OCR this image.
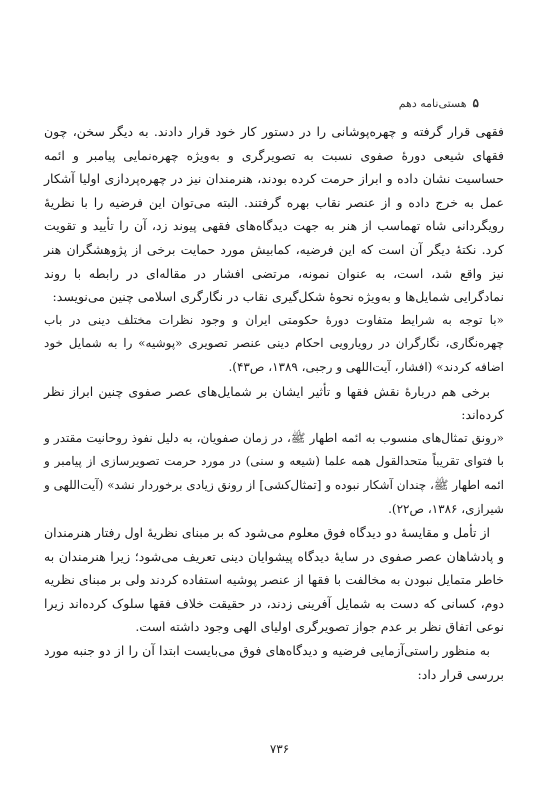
۵
هستی‌نامه دهم

فقهی قرار گرفته و چهره‌پوشانی را در دستور کار خود قرار دادند. به دیگر سخن، چون فقهای شیعی دورهٔ صفوی نسبت به تصویرگری و به‌ویژه چهره‌نمایی پیامبر و ائمه حساسیت نشان داده و ابراز حرمت کرده بودند، هنرمندان نیز در چهره‌پردازی اولیا آشکار عمل به خرج داده و از عنصر نقاب بهره گرفتند. البته می‌توان این فرضیه را با نظریهٔ رویگردانی شاه تهماسب از هنر به جهت دیدگاه‌های فقهی پیوند زد، آن را تأیید و تقویت کرد. نکتهٔ دیگر آن است که این فرضیه، کمابیش مورد حمایت برخی از پژوهشگران هنر نیز واقع شد، است، به عنوان نمونه، مرتضی افشار در مقاله‌ای در رابطه با روند نمادگرایی شمایل‌ها و به‌ویژه نحوهٔ شکل‌گیری نقاب در نگارگری اسلامی چنین می‌نویسد:

«با توجه به شرایط متفاوت دورهٔ حکومتی ایران و وجود نظرات مختلف دینی در باب چهره‌نگاری، نگارگران در رویارویی احکام دینی عنصر تصویری «پوشیه» را به شمایل خود اضافه کردند» (افشار، آیت‌اللهی و رجبی، ۱۳۸۹، ص۴۳).

برخی هم دربارهٔ نقش فقها و تأثیر ایشان بر شمایل‌های عصر صفوی چنین ابراز نظر کرده‌اند:

«رونق تمثال‌های منسوب به ائمه اطهار ﷺ، در زمان صفویان، به دلیل نفوذ روحانیت مقتدر و با فتوای تقریباً متحدالقول همه علما (شیعه و سنی) در مورد حرمت تصویرسازی از پیامبر و ائمه اطهار ﷺ، چندان آشکار نبوده و [تمثال‌کشی] از رونق زیادی برخوردار نشد» (آیت‌اللهی و شیرازی، ۱۳۸۶، ص۲۲).

از تأمل و مقایسهٔ دو دیدگاه فوق معلوم می‌شود که بر مبنای نظریهٔ اول رفتار هنرمندان و پادشاهان عصر صفوی در سایهٔ دیدگاه پیشوایان دینی تعریف می‌شود؛ زیرا هنرمندان به خاطر متمایل نبودن به مخالفت با فقها از عنصر پوشیه استفاده کردند ولی بر مبنای نظریه دوم، کسانی که دست به شمایل آفرینی زدند، در حقیقت خلاف فقها سلوک کرده‌اند زیرا نوعی اتفاق نظر بر عدم جواز تصویرگری اولیای الهی وجود داشته است.

به منظور راستی‌آزمایی فرضیه و دیدگاه‌های فوق می‌بایست ابتدا آن را از دو جنبه مورد بررسی قرار داد:

۷۳۶
